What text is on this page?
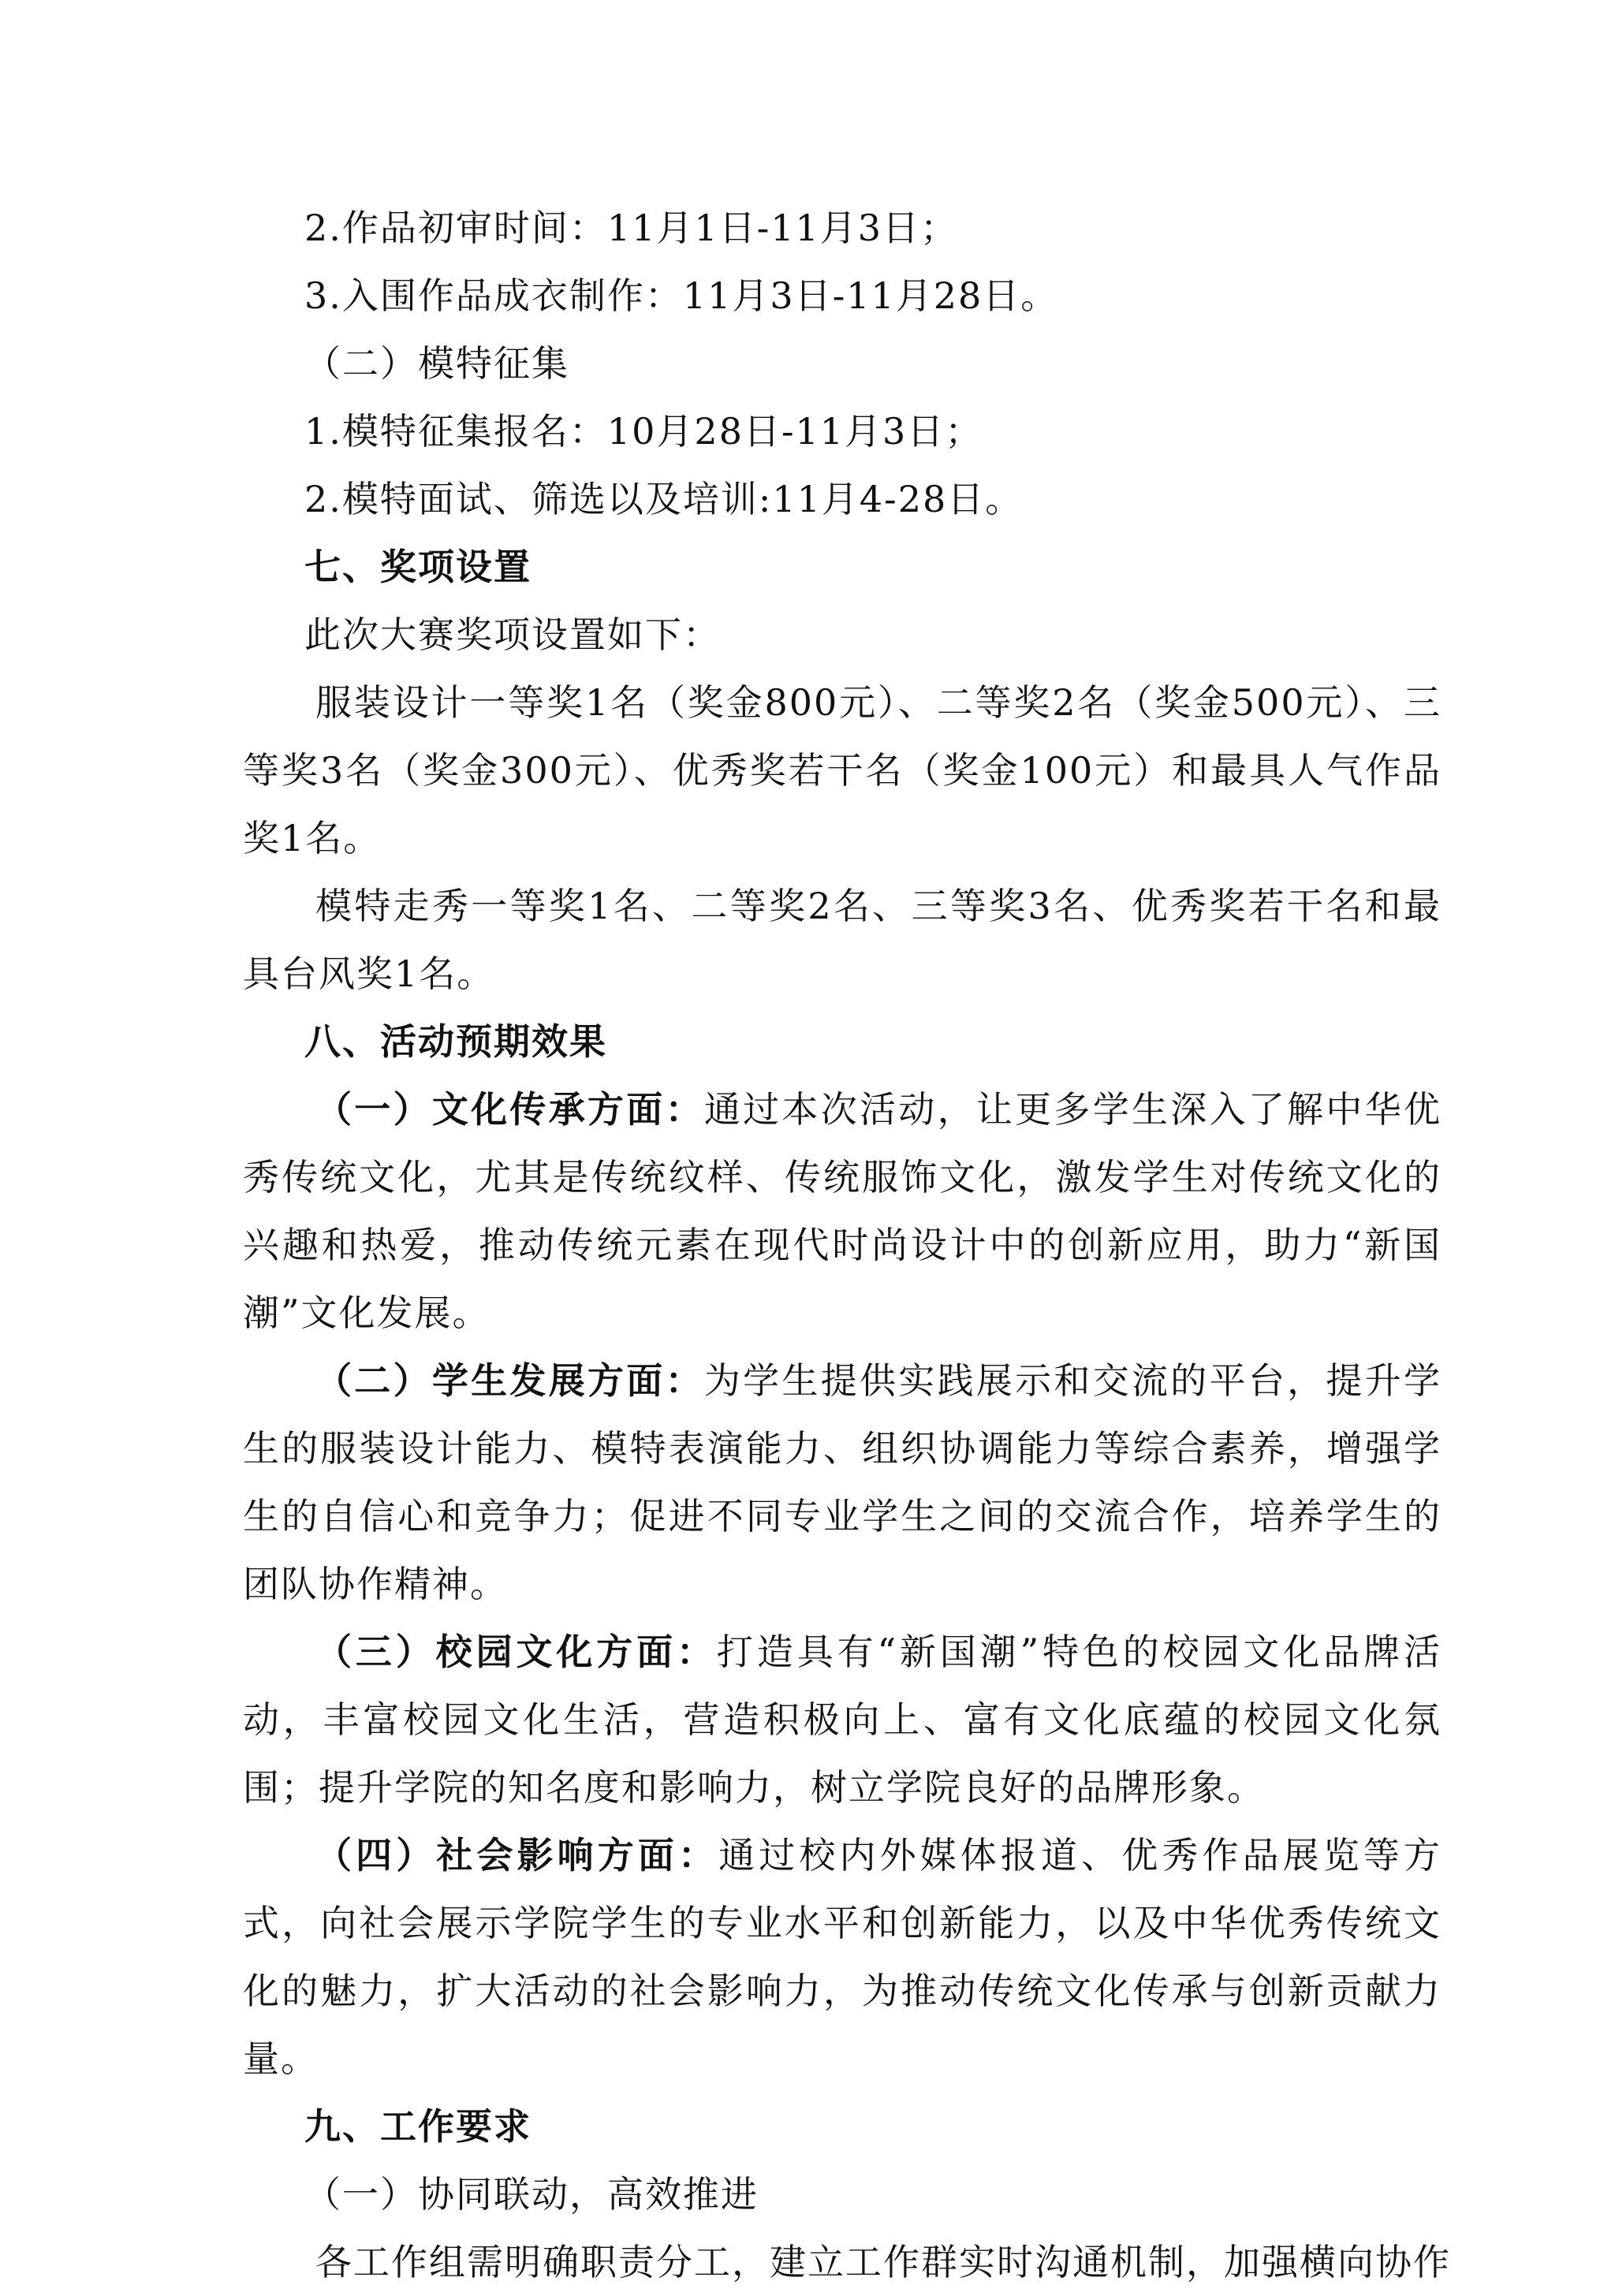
2.作品初审时间：11月1日-11月3日；

3.入围作品成衣制作：11月3日-11月28日。

（二）模特征集

1.模特征集报名：10月28日-11月3日；

2.模特面试、筛选以及培训:11月4-28日。

七、奖项设置

此次大赛奖项设置如下：

服装设计一等奖1名（奖金800元）、二等奖2名（奖金500元）、三等奖3名（奖金300元）、优秀奖若干名（奖金100元）和最具人气作品奖1名。

模特走秀一等奖1名、二等奖2名、三等奖3名、优秀奖若干名和最具台风奖1名。

八、活动预期效果

（一）文化传承方面：通过本次活动，让更多学生深入了解中华优秀传统文化，尤其是传统纹样、传统服饰文化，激发学生对传统文化的兴趣和热爱，推动传统元素在现代时尚设计中的创新应用，助力“新国潮”文化发展。

（二）学生发展方面：为学生提供实践展示和交流的平台，提升学生的服装设计能力、模特表演能力、组织协调能力等综合素养，增强学生的自信心和竞争力；促进不同专业学生之间的交流合作，培养学生的团队协作精神。

（三）校园文化方面：打造具有“新国潮”特色的校园文化品牌活动，丰富校园文化生活，营造积极向上、富有文化底蕴的校园文化氛围；提升学院的知名度和影响力，树立学院良好的品牌形象。

（四）社会影响方面：通过校内外媒体报道、优秀作品展览等方式，向社会展示学院学生的专业水平和创新能力，以及中华优秀传统文化的魅力，扩大活动的社会影响力，为推动传统文化传承与创新贡献力量。

九、工作要求

（一）协同联动，高效推进

各工作组需明确职责分工，建立工作群实时沟通机制，加强横向协作
